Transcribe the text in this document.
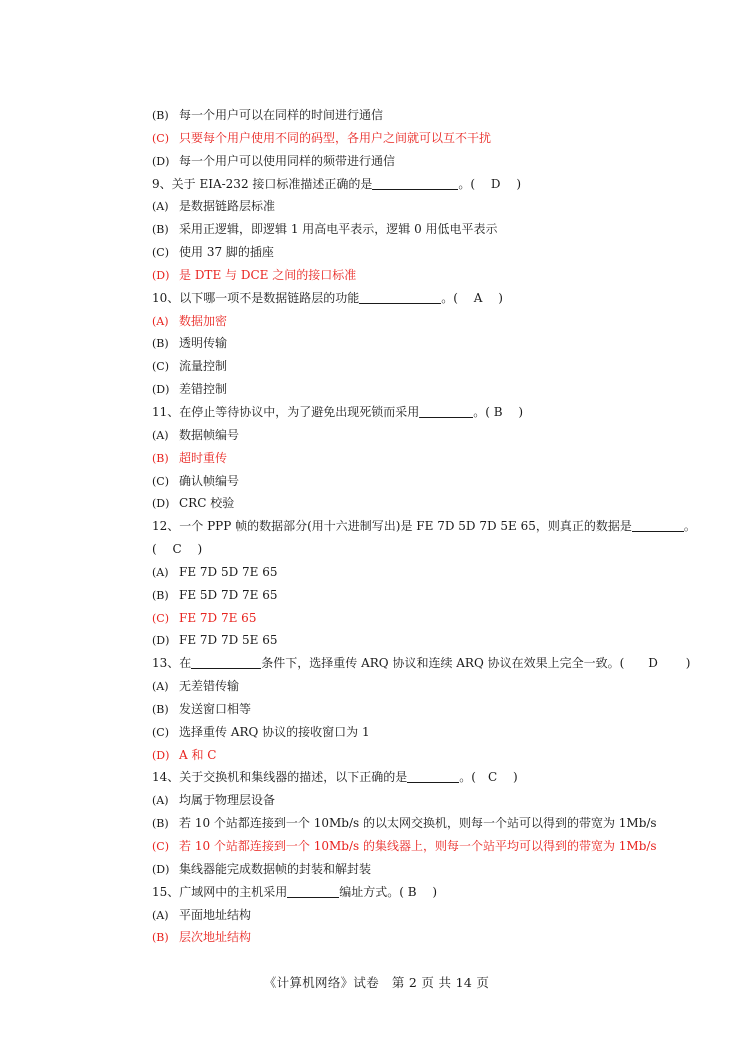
(B) 每一个用户可以在同样的时间进行通信
(C) 只要每个用户使用不同的码型，各用户之间就可以互不干扰
(D) 每一个用户可以使用同样的频带进行通信
9、关于 EIA-232 接口标准描述正确的是	。(　 D　 )
(A) 是数据链路层标准
(B) 采用正逻辑，即逻辑 1 用高电平表示，逻辑 0 用低电平表示
(C) 使用 37 脚的插座
(D) 是 DTE 与 DCE 之间的接口标准
10、以下哪一项不是数据链路层的功能	。(　 A　 )
(A) 数据加密
(B) 透明传输
(C) 流量控制
(D) 差错控制
11、在停止等待协议中，为了避免出现死锁而采用	。( B　 )
(A) 数据帧编号
(B) 超时重传
(C) 确认帧编号
(D) CRC 校验
12、一个 PPP 帧的数据部分(用十六进制写出)是 FE 7D 5D 7D 5E 65，则真正的数据是	。
(　 C　 )
(A) FE 7D 5D 7E 65
(B) FE 5D 7D 7E 65
(C) FE 7D 7E 65
(D) FE 7D 7D 5E 65
13、在	条件下，选择重传 ARQ 协议和连续 ARQ 协议在效果上完全一致。(　　D　　 )
(A) 无差错传输
(B) 发送窗口相等
(C) 选择重传 ARQ 协议的接收窗口为 1
(D) A 和 C
14、关于交换机和集线器的描述，以下正确的是	。(　C　 )
(A) 均属于物理层设备
(B) 若 10 个站都连接到一个 10Mb/s 的以太网交换机，则每一个站可以得到的带宽为 1Mb/s
(C) 若 10 个站都连接到一个 10Mb/s 的集线器上，则每一个站平均可以得到的带宽为 1Mb/s
(D) 集线器能完成数据帧的封装和解封装
15、广域网中的主机采用	编址方式。( B　 )
(A) 平面地址结构
(B) 层次地址结构
《计算机网络》试卷　第 2 页 共 14 页
